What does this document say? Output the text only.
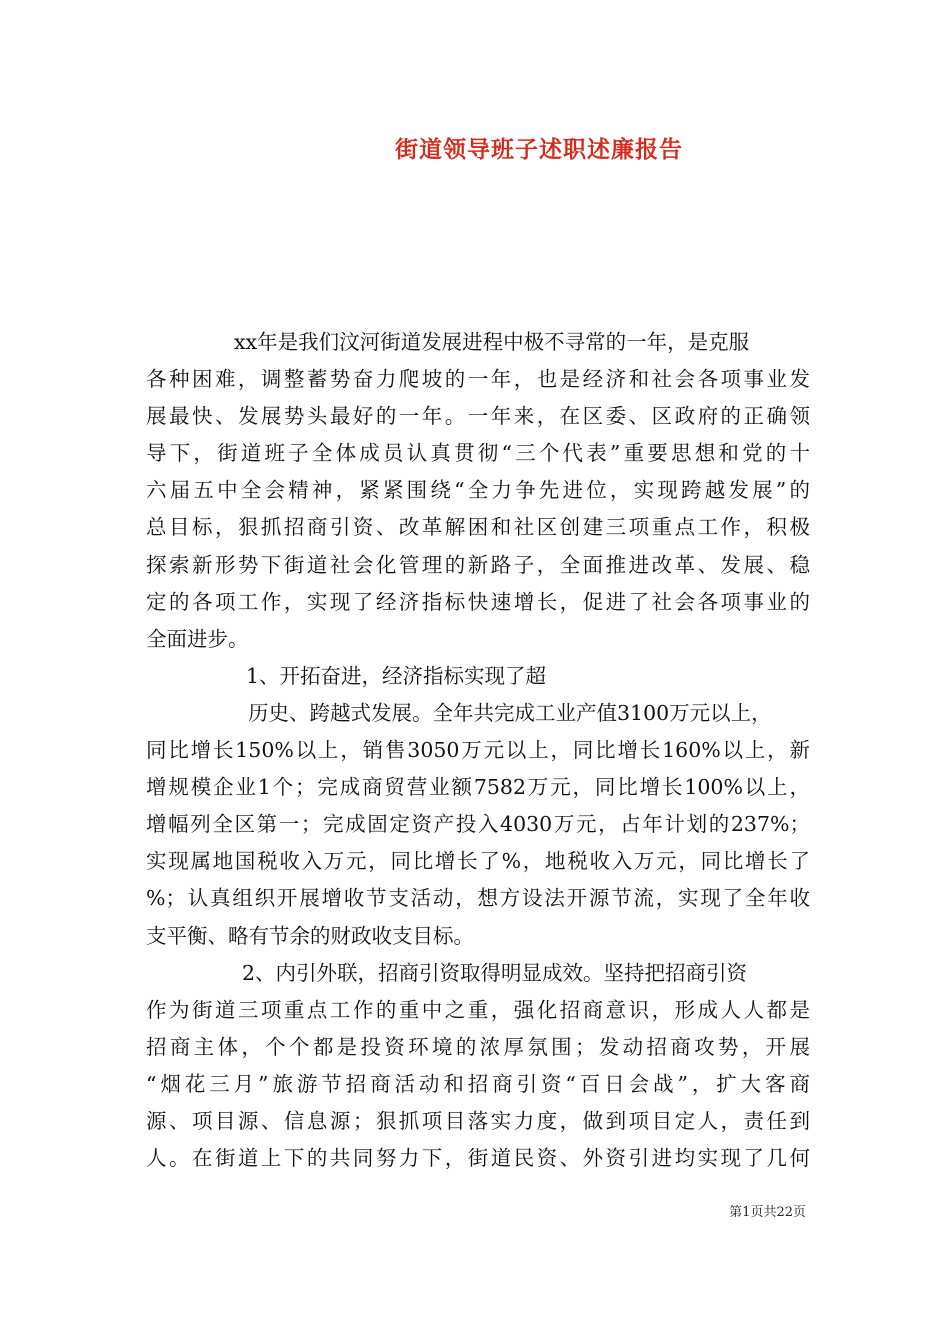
街道领导班子述职述廉报告
xx年是我们汶河街道发展进程中极不寻常的一年，是克服
各种困难，调整蓄势奋力爬坡的一年，也是经济和社会各项事业发
展最快、发展势头最好的一年。一年来，在区委、区政府的正确领
导下，街道班子全体成员认真贯彻“三个代表”重要思想和党的十
六届五中全会精神，紧紧围绕“全力争先进位，实现跨越发展”的
总目标，狠抓招商引资、改革解困和社区创建三项重点工作，积极
探索新形势下街道社会化管理的新路子，全面推进改革、发展、稳
定的各项工作，实现了经济指标快速增长，促进了社会各项事业的
全面进步。
1、开拓奋进，经济指标实现了超
历史、跨越式发展。全年共完成工业产值3100万元以上，
同比增长150%以上，销售3050万元以上，同比增长160%以上，新
增规模企业1个；完成商贸营业额7582万元，同比增长100%以上，
增幅列全区第一；完成固定资产投入4030万元，占年计划的237%；
实现属地国税收入万元，同比增长了%，地税收入万元，同比增长了
%；认真组织开展增收节支活动，想方设法开源节流，实现了全年收
支平衡、略有节余的财政收支目标。
2、内引外联，招商引资取得明显成效。坚持把招商引资
作为街道三项重点工作的重中之重，强化招商意识，形成人人都是
招商主体，个个都是投资环境的浓厚氛围；发动招商攻势，开展
“烟花三月”旅游节招商活动和招商引资“百日会战”，扩大客商
源、项目源、信息源；狠抓项目落实力度，做到项目定人，责任到
人。在街道上下的共同努力下，街道民资、外资引进均实现了几何
第1页共22页
